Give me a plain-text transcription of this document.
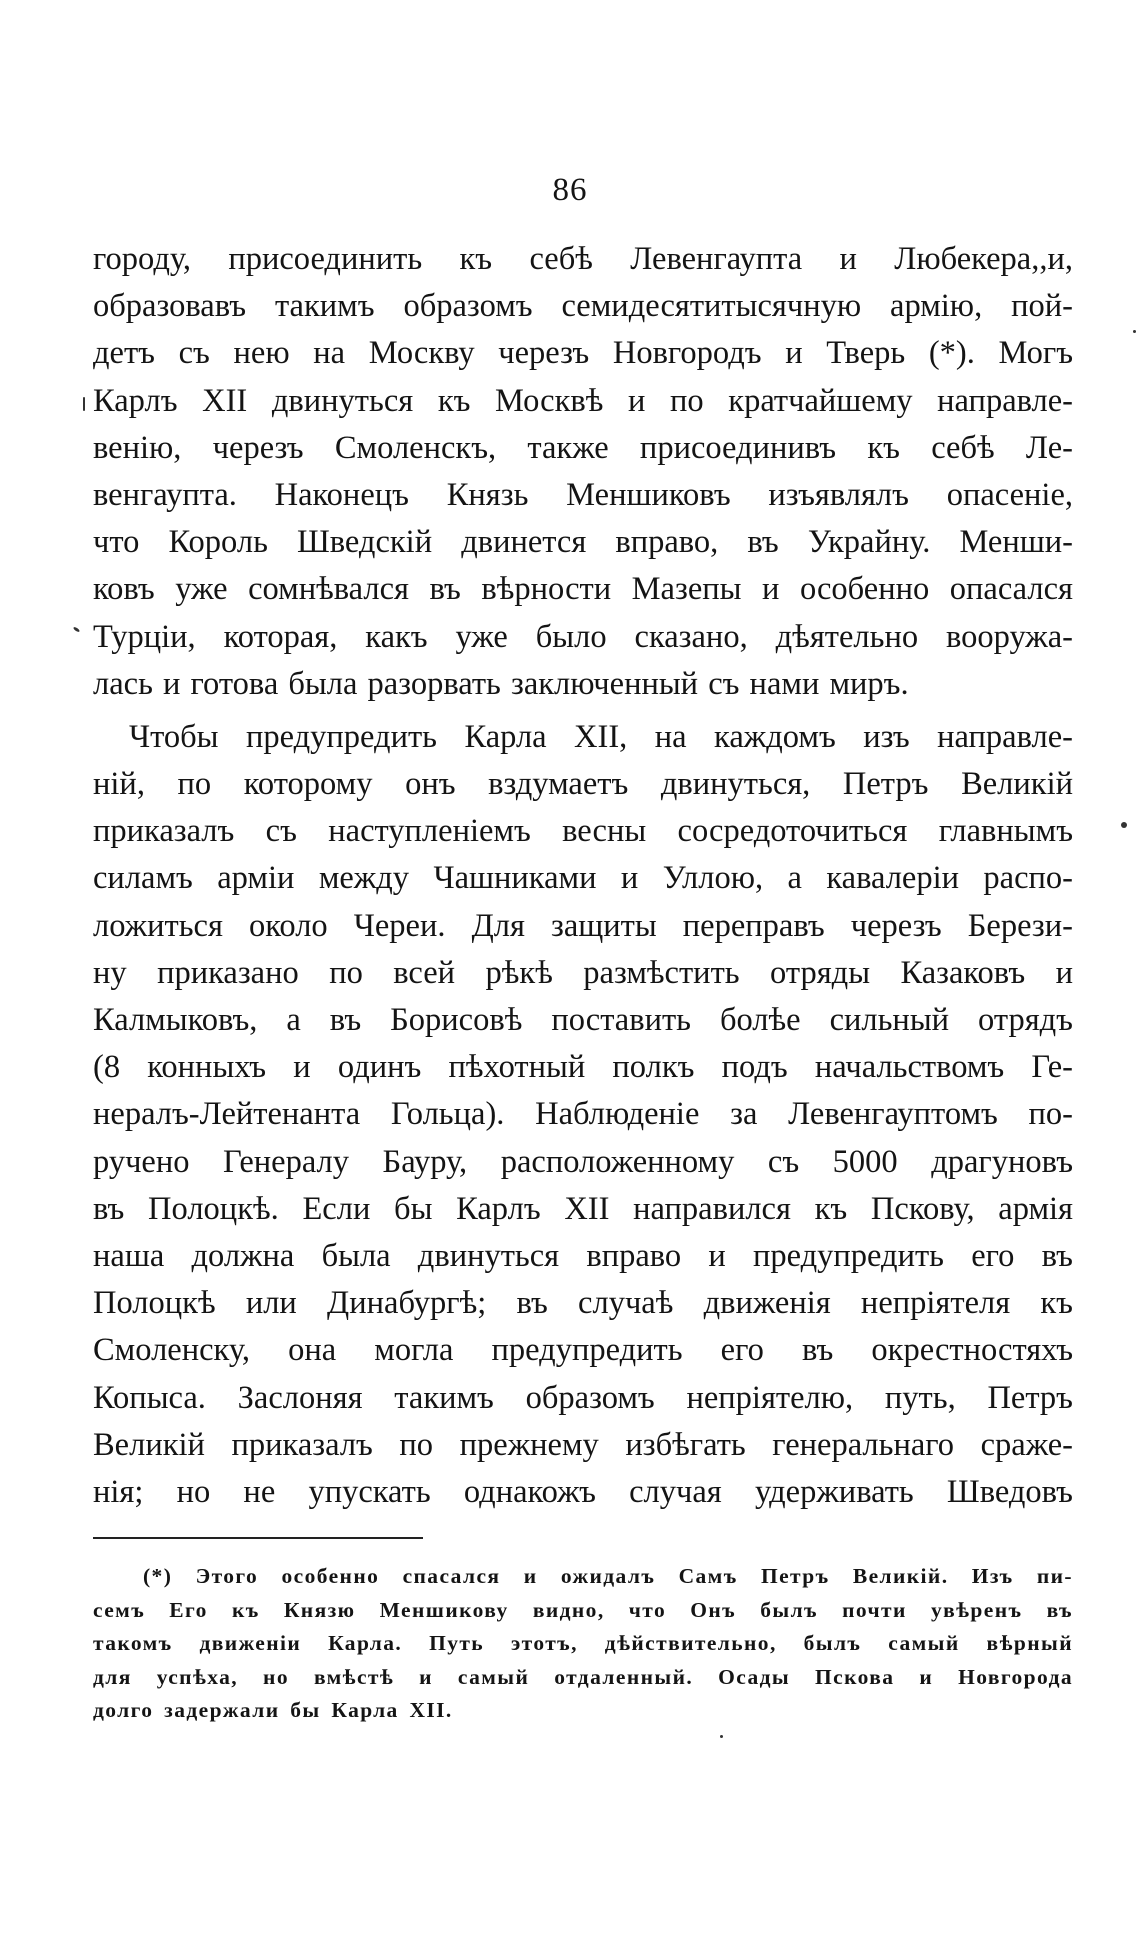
86
городу, присоединить къ себѣ Левенгаупта и Любекера,,и,
образовавъ такимъ образомъ семидесятитысячную армію, пой-
детъ съ нею на Москву черезъ Новгородъ и Тверь (*). Могъ
Карлъ XII двинуться къ Москвѣ и по кратчайшему направле-
венію, черезъ Смоленскъ, также присоединивъ къ себѣ Ле-
венгаупта. Наконецъ Князь Меншиковъ изъявлялъ опасеніе,
что Король Шведскій двинется вправо, въ Украйну. Менши-
ковъ уже сомнѣвался въ вѣрности Мазепы и особенно опасался
Турціи, которая, какъ уже было сказано, дѣятельно вооружа-
лась и готова была разорвать заключенный съ нами миръ.
Чтобы предупредить Карла XII, на каждомъ изъ направле-
ній, по которому онъ вздумаетъ двинуться, Петръ Великій
приказалъ съ наступленіемъ весны сосредоточиться главнымъ
силамъ арміи между Чашниками и Уллою, а кавалеріи распо-
ложиться около Череи. Для защиты переправъ черезъ Берези-
ну приказано по всей рѣкѣ размѣстить отряды Казаковъ и
Калмыковъ, а въ Борисовѣ поставить болѣе сильный отрядъ
(8 конныхъ и одинъ пѣхотный полкъ подъ начальствомъ Ге-
нералъ-Лейтенанта Гольца). Наблюденіе за Левенгауптомъ по-
ручено Генералу Бауру, расположенному съ 5000 драгуновъ
въ Полоцкѣ. Если бы Карлъ XII направился къ Пскову, армія
наша должна была двинуться вправо и предупредить его въ
Полоцкѣ или Динабургѣ; въ случаѣ движенія непріятеля къ
Смоленску, она могла предупредить его въ окрестностяхъ
Копыса. Заслоняя такимъ образомъ непріятелю, путь, Петръ
Великій приказалъ по прежнему избѣгать генеральнаго сраже-
нія; но не упускать однакожъ случая удерживать Шведовъ
(*) Этого особенно спасался и ожидалъ Самъ Петръ Великій. Изъ пи-
семъ Его къ Князю Меншикову видно, что Онъ былъ почти увѣренъ въ
такомъ движеніи Карла. Путь этотъ, дѣйствительно, былъ самый вѣрный
для успѣха, но вмѣстѣ и самый отдаленный. Осады Пскова и Новгорода
долго задержали бы Карла XII.
